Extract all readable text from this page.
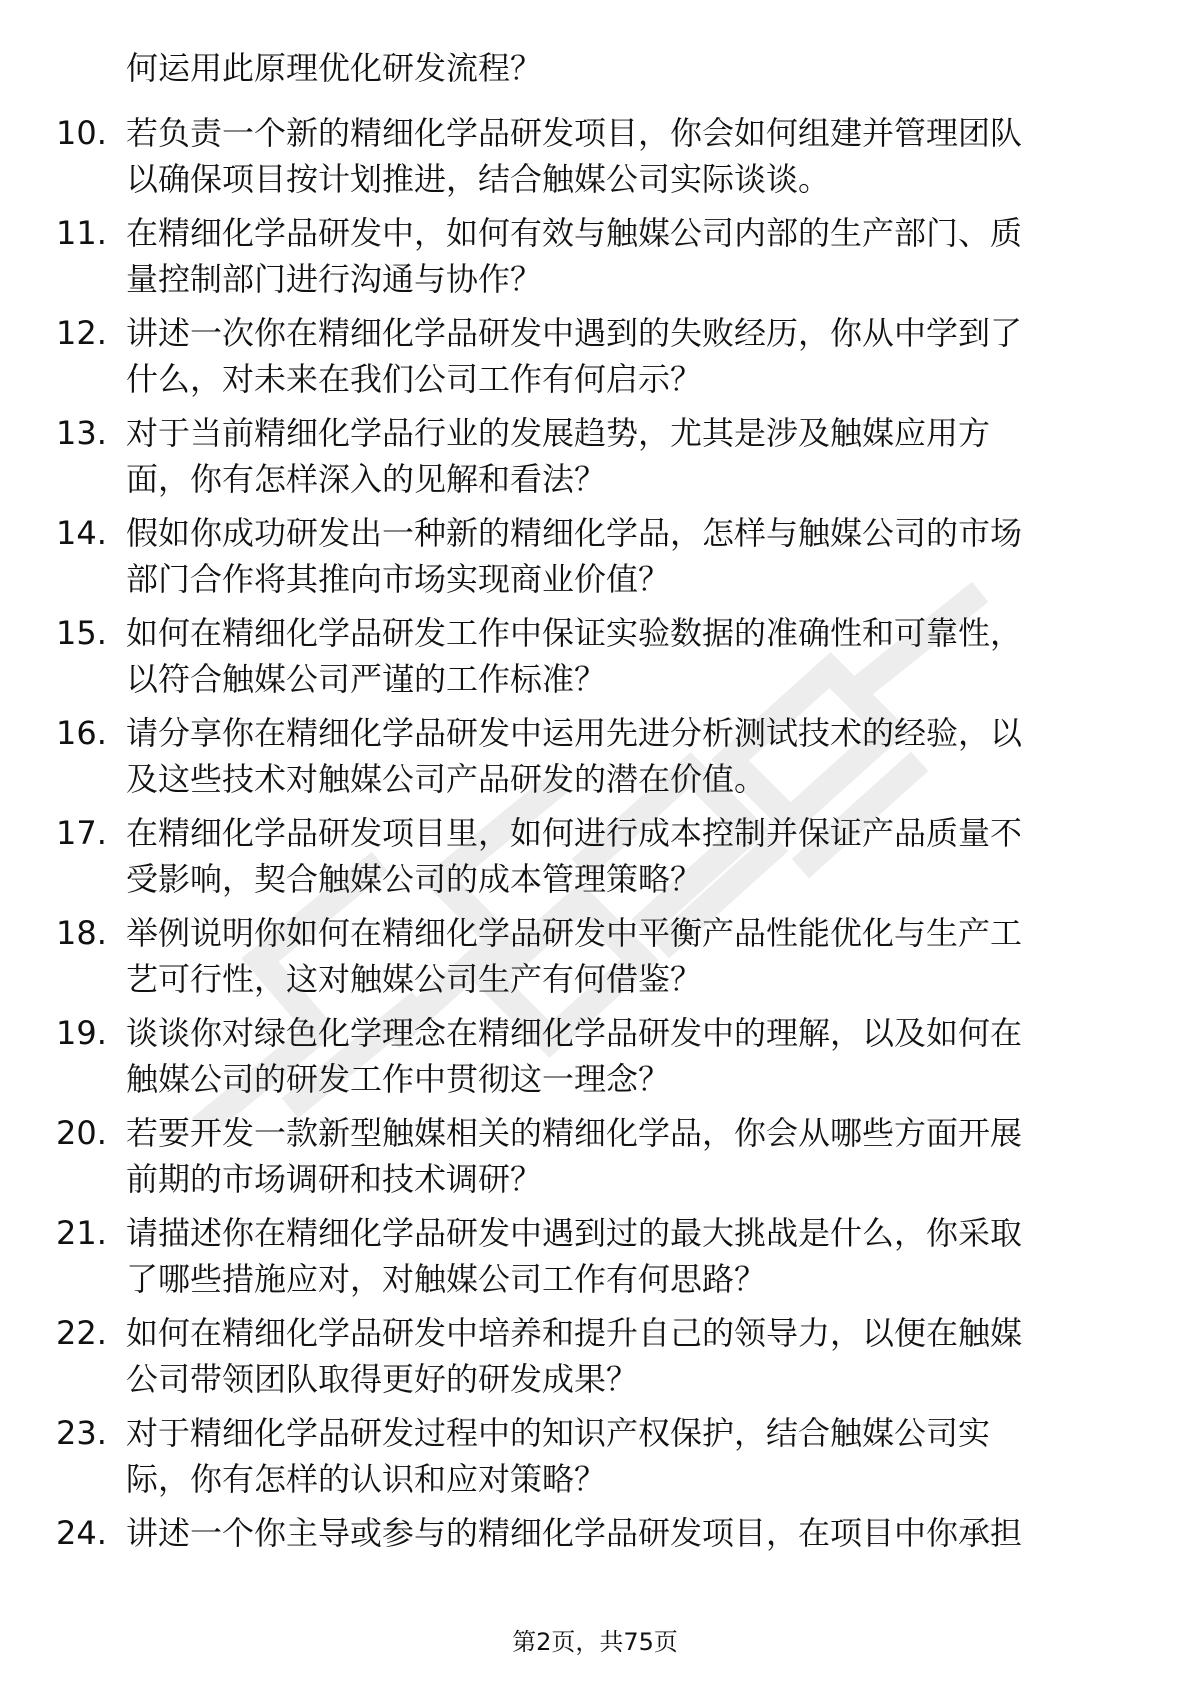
何运用此原理优化研发流程？
10. 若负责一个新的精细化学品研发项目，你会如何组建并管理团队
以确保项目按计划推进，结合触媒公司实际谈谈。
11. 在精细化学品研发中，如何有效与触媒公司内部的生产部门、质
量控制部门进行沟通与协作？
12. 讲述一次你在精细化学品研发中遇到的失败经历，你从中学到了
什么，对未来在我们公司工作有何启示？
13. 对于当前精细化学品行业的发展趋势，尤其是涉及触媒应用方
面，你有怎样深入的见解和看法？
14. 假如你成功研发出一种新的精细化学品，怎样与触媒公司的市场
部门合作将其推向市场实现商业价值？
15. 如何在精细化学品研发工作中保证实验数据的准确性和可靠性，
以符合触媒公司严谨的工作标准？
16. 请分享你在精细化学品研发中运用先进分析测试技术的经验，以
及这些技术对触媒公司产品研发的潜在价值。
17. 在精细化学品研发项目里，如何进行成本控制并保证产品质量不
受影响，契合触媒公司的成本管理策略？
18. 举例说明你如何在精细化学品研发中平衡产品性能优化与生产工
艺可行性，这对触媒公司生产有何借鉴？
19. 谈谈你对绿色化学理念在精细化学品研发中的理解，以及如何在
触媒公司的研发工作中贯彻这一理念？
20. 若要开发一款新型触媒相关的精细化学品，你会从哪些方面开展
前期的市场调研和技术调研？
21. 请描述你在精细化学品研发中遇到过的最大挑战是什么，你采取
了哪些措施应对，对触媒公司工作有何思路？
22. 如何在精细化学品研发中培养和提升自己的领导力，以便在触媒
公司带领团队取得更好的研发成果？
23. 对于精细化学品研发过程中的知识产权保护，结合触媒公司实
际，你有怎样的认识和应对策略？
24. 讲述一个你主导或参与的精细化学品研发项目，在项目中你承担
第2页，共75页
